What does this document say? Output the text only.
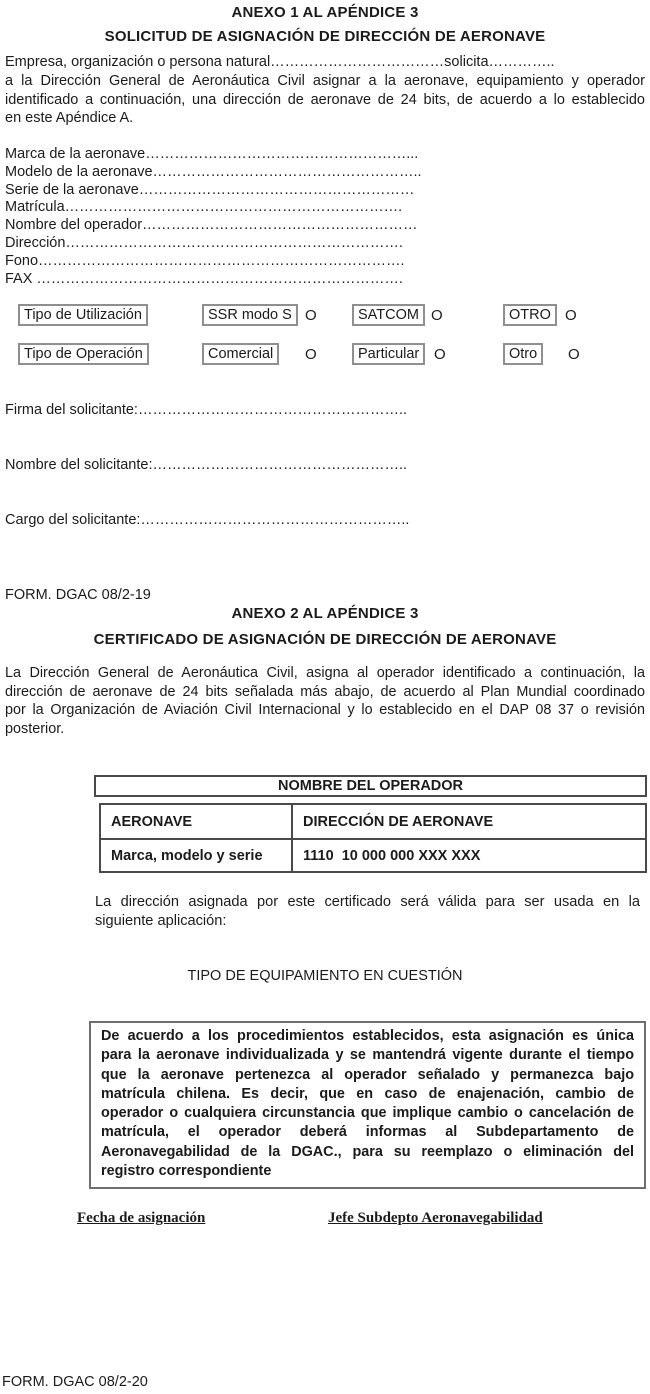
ANEXO 1 AL APÉNDICE 3
SOLICITUD DE ASIGNACIÓN DE DIRECCIÓN DE AERONAVE
Empresa, organización o persona natural………………………………solicita…………..
a la Dirección General de Aeronáutica Civil asignar a la aeronave, equipamiento y operador
identificado a continuación, una dirección de aeronave de 24 bits, de acuerdo a lo establecido
en este Apéndice A.
Marca de la aeronave………………………………………………...
Modelo de la aeronave………………………………………………..
Serie de la aeronave…………………………………………………
Matrícula…………………………………………………………….
Nombre del operador…………………………………………………
Dirección…………………………………………………………….
Fono………………………………………………………………….
FAX ………………………………………………………………….
Tipo de Utilización	SSR modo S O	SATCOM O	OTRO O
Tipo de Operación	Comercial	O	Particular O	Otro	O
Firma del solicitante:………………………………………………..
Nombre del solicitante:……………………………………………..
Cargo del solicitante:………………………………………………..
FORM. DGAC 08/2-19
ANEXO 2 AL APÉNDICE 3
CERTIFICADO DE ASIGNACIÓN DE DIRECCIÓN DE AERONAVE
La Dirección General de Aeronáutica Civil, asigna al operador identificado a continuación, la
dirección de aeronave de 24 bits señalada más abajo, de acuerdo al Plan Mundial coordinado
por la Organización de Aviación Civil Internacional y lo establecido en el DAP 08 37 o revisión
posterior.
NOMBRE DEL OPERADOR
AERONAVE	DIRECCIÓN DE AERONAVE
Marca, modelo y serie	1110  10 000 000 XXX XXX
La dirección asignada por este certificado será válida para ser usada en la
siguiente aplicación:
TIPO DE EQUIPAMIENTO EN CUESTIÓN
De acuerdo a los procedimientos establecidos, esta asignación es única
para la aeronave individualizada y se mantendrá vigente durante el tiempo
que la aeronave pertenezca al operador señalado y permanezca bajo
matrícula chilena. Es decir, que en caso de enajenación, cambio de
operador o cualquiera circunstancia que implique cambio o cancelación de
matrícula, el operador deberá informas al Subdepartamento de
Aeronavegabilidad de la DGAC., para su reemplazo o eliminación del
registro correspondiente
Fecha de asignación	Jefe Subdepto Aeronavegabilidad
FORM. DGAC 08/2-20
